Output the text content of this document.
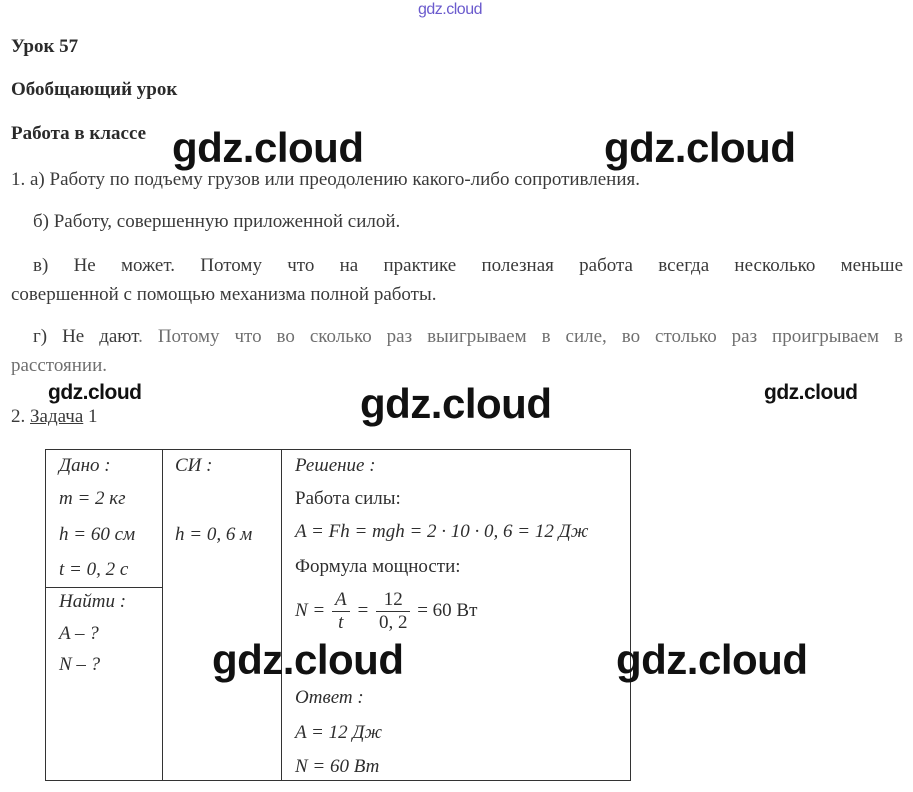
gdz.cloud
gdz.cloud	gdz.cloud
gdz.cloud	gdz.cloud	gdz.cloud
Урок 57
Обобщающий урок
Работа в классе
1. а) Работу по подъему грузов или преодолению какого-либо сопротивления.
б) Работу, совершенную приложенной силой.
в) Не может. Потому что на практике полезная работа всегда несколько меньше
совершенной с помощью механизма полной работы.
г) Не дают. Потому что во сколько раз выигрываем в силе, во столько раз проигрываем в
расстоянии.
2. Задача 1
Дано :
m = 2 кг
h = 60 см
t = 0, 2 с
Найти :
A – ?
N – ?
СИ :
h = 0, 6 м
Решение :
Работа силы:
A = Fh = mgh = 2 · 10 · 0, 6 = 12 Дж
Формула мощности:
$N = \frac{A}{t} = \frac{12}{0, 2} = 60$ Вт
Ответ :
A = 12 Дж
N = 60 Вт
gdz.cloud	gdz.cloud
